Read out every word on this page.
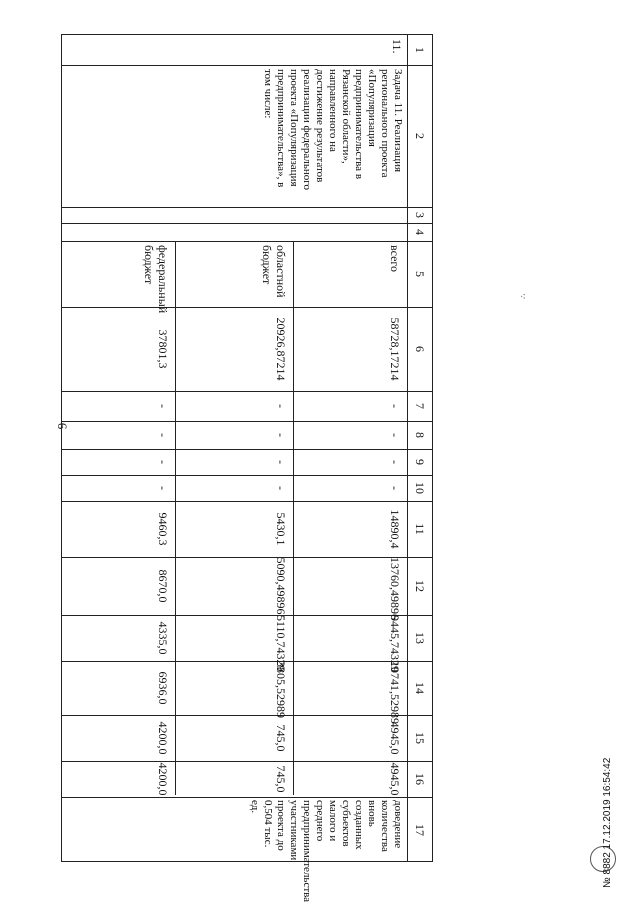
6
1
2
3
4
5
6
7
8
9
10
11
12
13
14
15
16
17
11.
Задача 11. Реализация регионального проекта «Популяризация предпринимательства в Рязанской области», направленного на достижение результатов реализации федерального проекта «Популяризация предпринимательства», в том числе:
доведение количества вновь созданных субъектов малого и среднего предпринимательства участниками проекта до 0,504 тыс. ед.
всего
58728,17214
-
-
-
-
14890,4
13760,49896
9445,74329
10741,52989
4945,0
4945,0
областной бюджет
20926,87214
-
-
-
-
5430,1
5090,49896
5110,74329
3805,52989
745,0
745,0
федеральный бюджет
37801,3
-
-
-
-
9460,3
8670,0
4335,0
6936,0
4200,0
4200,0
⁖
№ 8882 17.12.2019 16:54:42
